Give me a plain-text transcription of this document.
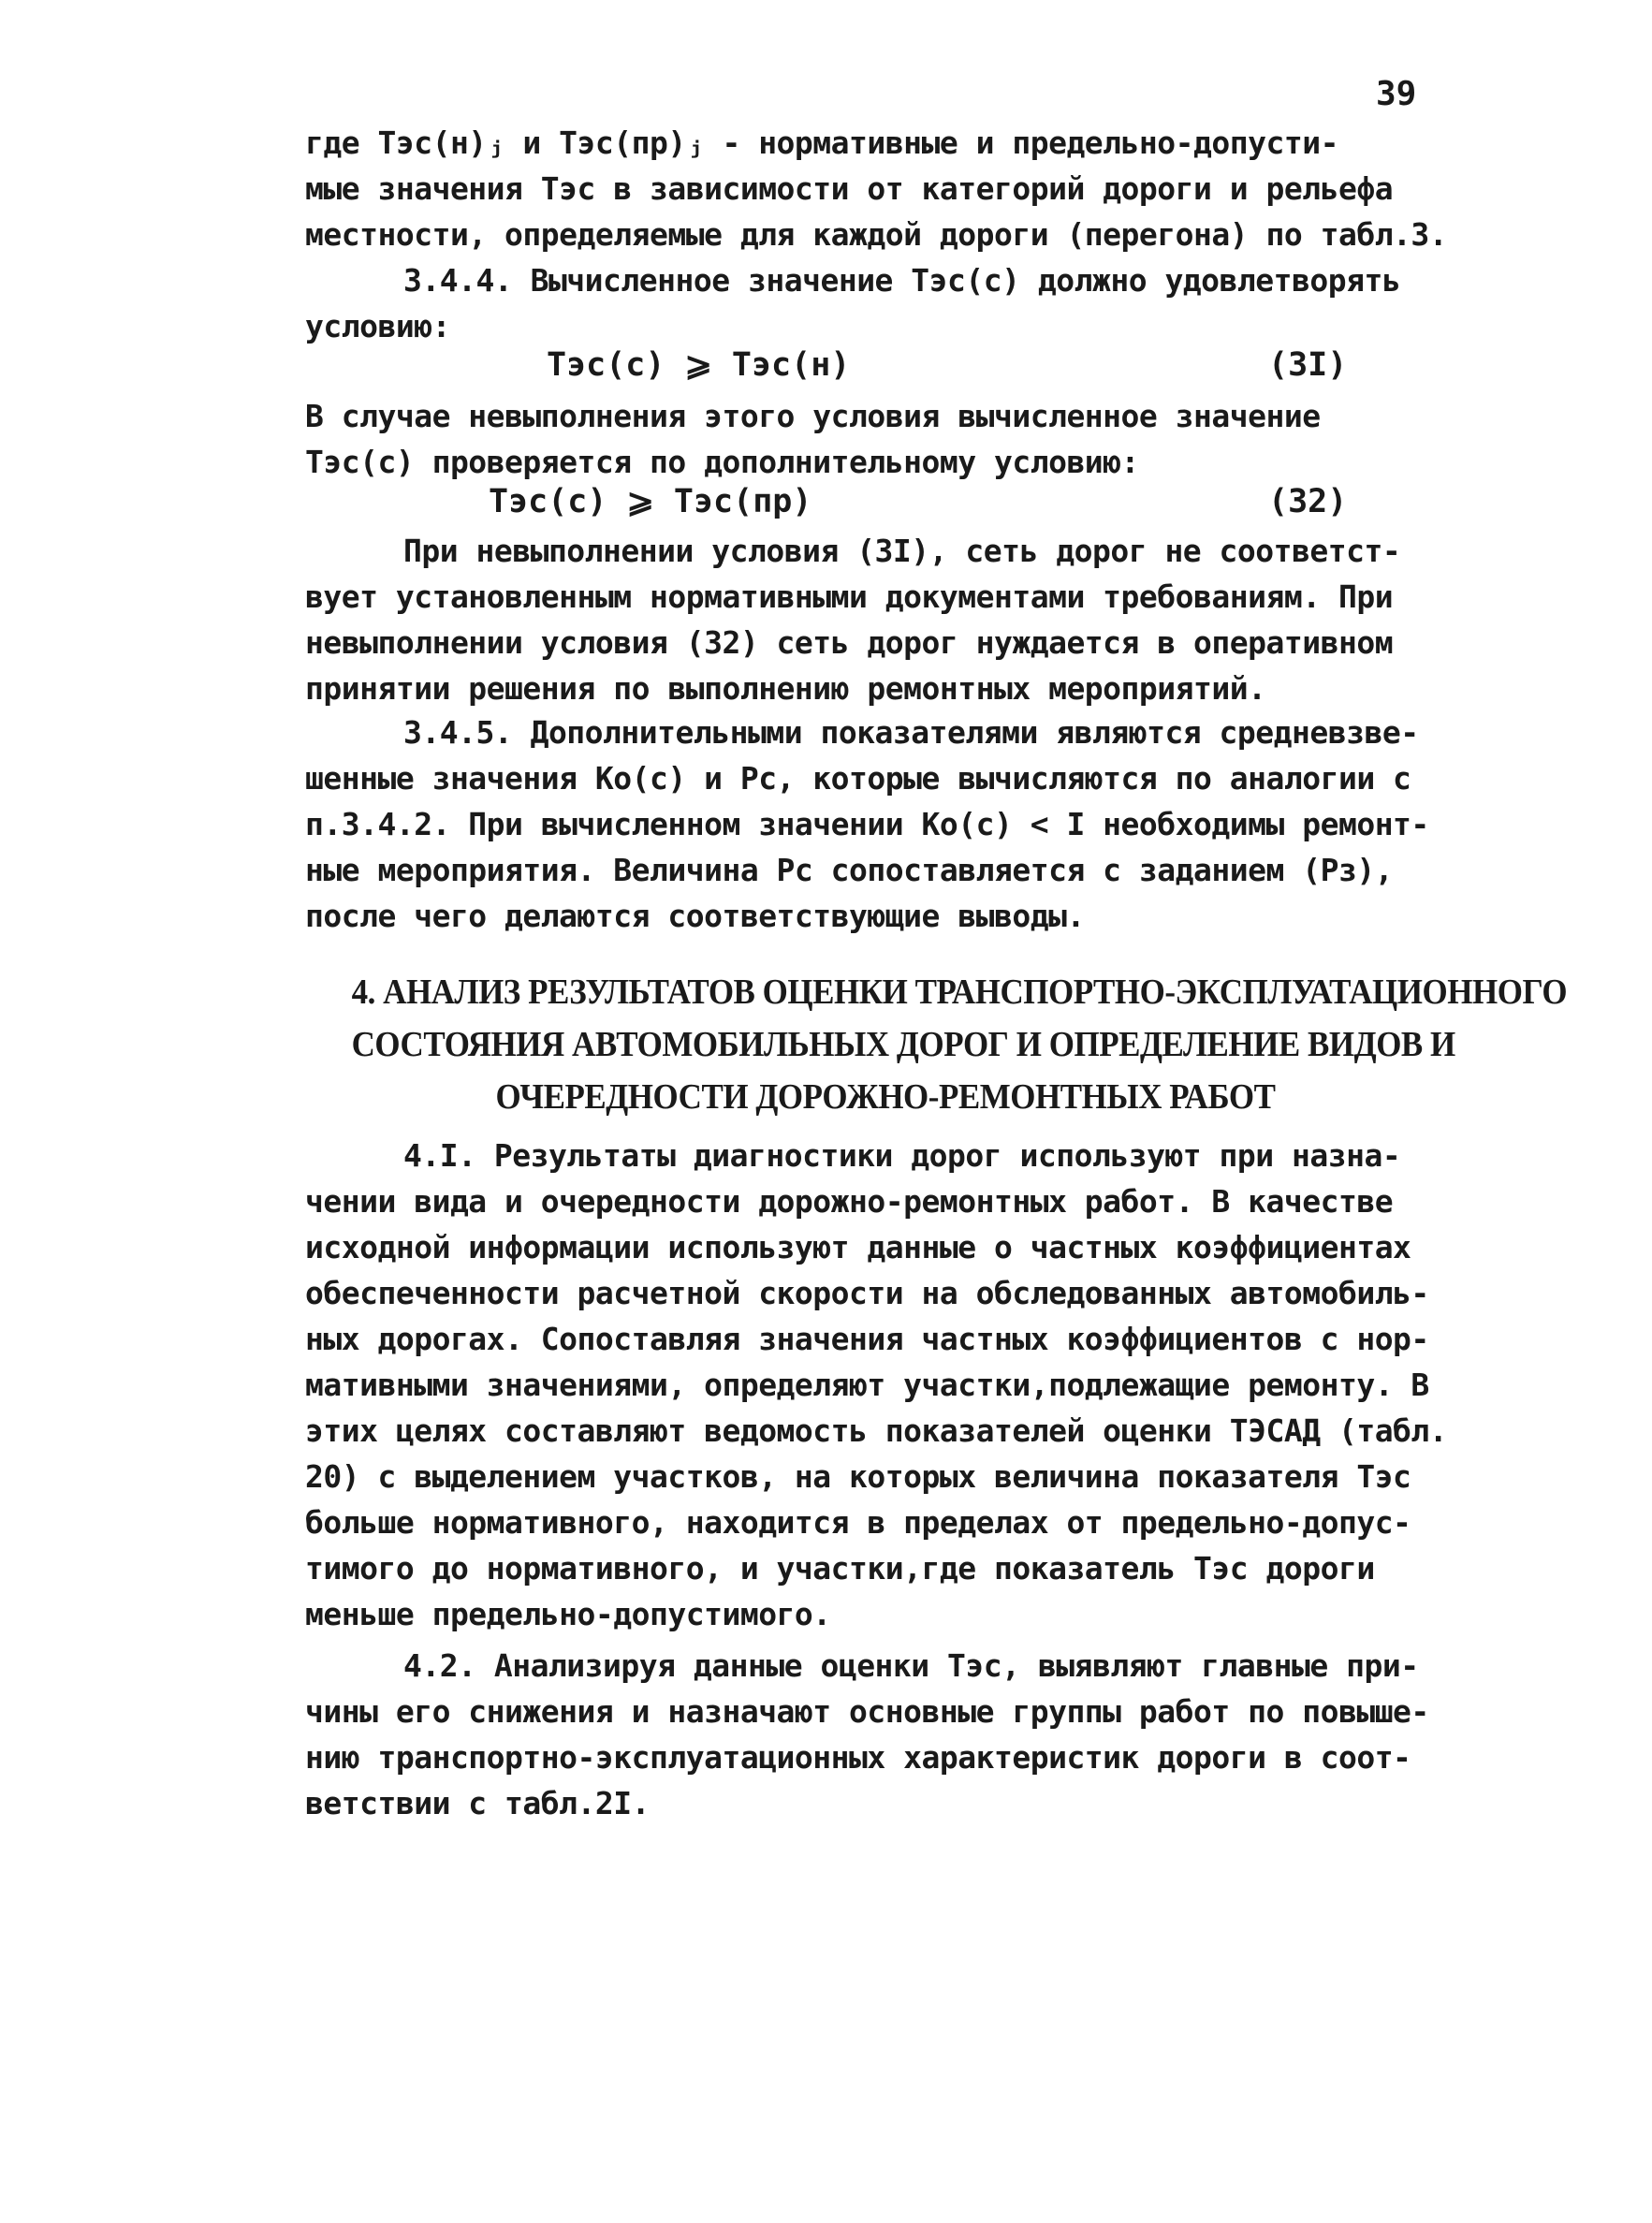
39
где Тэс(н)ⱼ и Тэс(пр)ⱼ - нормативные и предельно-допусти-
мые значения Тэс в зависимости от категорий дороги и рельефа
местности, определяемые для каждой дороги (перегона) по табл.3.
3.4.4. Вычисленное значение Тэс(с) должно удовлетворять
условию:
Тэс(с) ⩾ Тэс(н)	(3I)
В случае невыполнения этого условия вычисленное значение
Тэс(с) проверяется по дополнительному условию:
Тэс(с) ⩾ Тэс(пр)	(32)
При невыполнении условия (3I), сеть дорог не соответст-
вует установленным нормативными документами требованиям. При
невыполнении условия (32) сеть дорог нуждается в оперативном
принятии решения по выполнению ремонтных мероприятий.
3.4.5. Дополнительными показателями являются средневзве-
шенные значения Ко(с) и Рс, которые вычисляются по аналогии с
п.3.4.2. При вычисленном значении Ко(с) < I необходимы ремонт-
ные мероприятия. Величина Рс сопоставляется с заданием (Рз),
после чего делаются соответствующие выводы.
4. АНАЛИЗ РЕЗУЛЬТАТОВ ОЦЕНКИ ТРАНСПОРТНО-ЭКСПЛУАТАЦИОННОГО
СОСТОЯНИЯ АВТОМОБИЛЬНЫХ ДОРОГ И ОПРЕДЕЛЕНИЕ ВИДОВ И
ОЧЕРЕДНОСТИ ДОРОЖНО-РЕМОНТНЫХ РАБОТ
4.I. Результаты диагностики дорог используют при назна-
чении вида и очередности дорожно-ремонтных работ. В качестве
исходной информации используют данные о частных коэффициентах
обеспеченности расчетной скорости на обследованных автомобиль-
ных дорогах. Сопоставляя значения частных коэффициентов с нор-
мативными значениями, определяют участки,подлежащие ремонту. В
этих целях составляют ведомость показателей оценки ТЭСАД (табл.
20) с выделением участков, на которых величина показателя Тэс
больше нормативного, находится в пределах от предельно-допус-
тимого до нормативного, и участки,где показатель Тэс дороги
меньше предельно-допустимого.
4.2. Анализируя данные оценки Тэс, выявляют главные при-
чины его снижения и назначают основные группы работ по повыше-
нию транспортно-эксплуатационных характеристик дороги в соот-
ветствии с табл.2I.
